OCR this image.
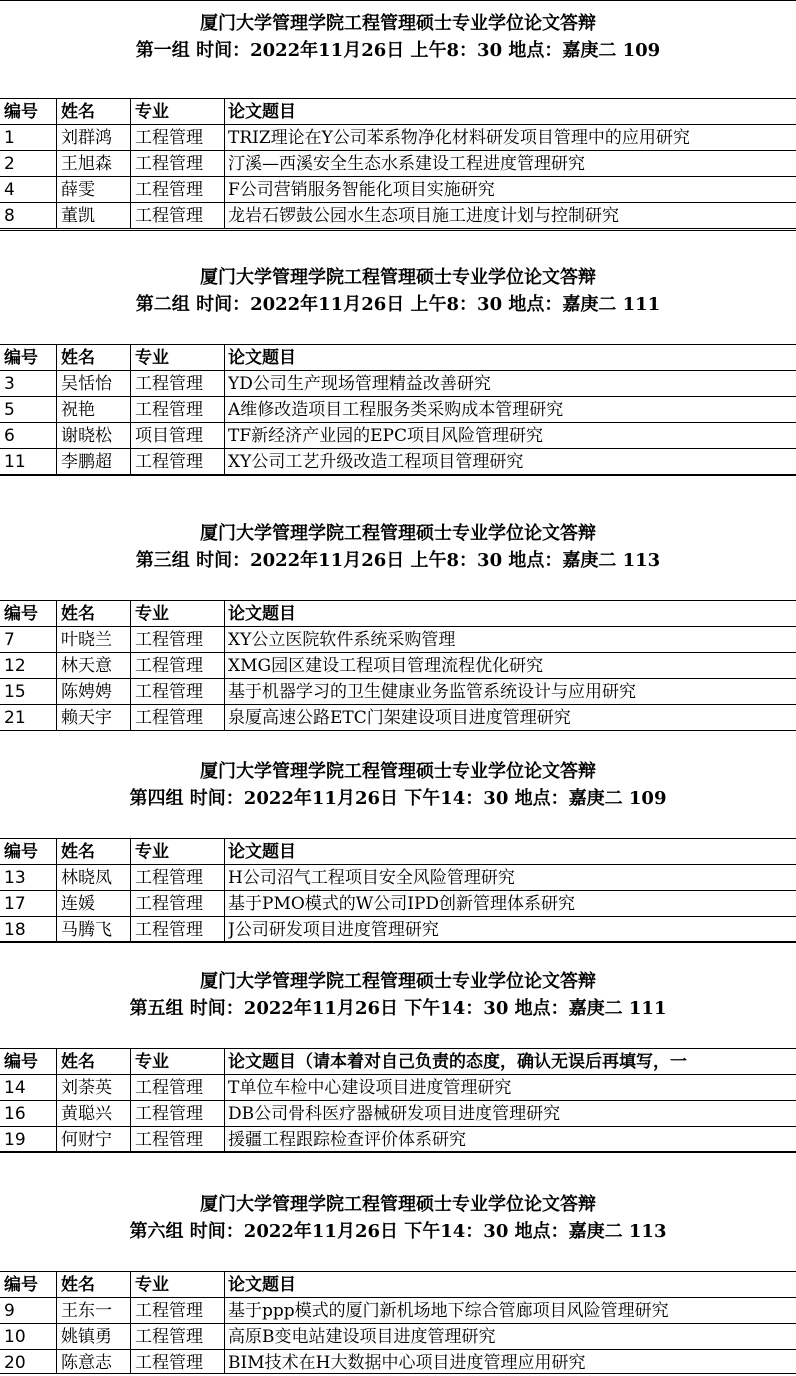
厦门大学管理学院工程管理硕士专业学位论文答辩
第一组 时间：2022年11月26日 上午8：30 地点：嘉庚二 109
编号	姓名	专业	论文题目
1	刘群鸿	工程管理	TRIZ理论在Y公司苯系物净化材料研发项目管理中的应用研究
2	王旭森	工程管理	汀溪—西溪安全生态水系建设工程进度管理研究
4	薛雯	工程管理	F公司营销服务智能化项目实施研究
8	董凯	工程管理	龙岩石锣鼓公园水生态项目施工进度计划与控制研究
厦门大学管理学院工程管理硕士专业学位论文答辩
第二组 时间：2022年11月26日 上午8：30 地点：嘉庚二 111
编号	姓名	专业	论文题目
3	吴恬怡	工程管理	YD公司生产现场管理精益改善研究
5	祝艳	工程管理	A维修改造项目工程服务类采购成本管理研究
6	谢晓松	项目管理	TF新经济产业园的EPC项目风险管理研究
11	李鹏超	工程管理	XY公司工艺升级改造工程项目管理研究
厦门大学管理学院工程管理硕士专业学位论文答辩
第三组 时间：2022年11月26日 上午8：30 地点：嘉庚二 113
编号	姓名	专业	论文题目
7	叶晓兰	工程管理	XY公立医院软件系统采购管理
12	林天意	工程管理	XMG园区建设工程项目管理流程优化研究
15	陈娉娉	工程管理	基于机器学习的卫生健康业务监管系统设计与应用研究
21	赖天宇	工程管理	泉厦高速公路ETC门架建设项目进度管理研究
厦门大学管理学院工程管理硕士专业学位论文答辩
第四组 时间：2022年11月26日 下午14：30 地点：嘉庚二 109
编号	姓名	专业	论文题目
13	林晓凤	工程管理	H公司沼气工程项目安全风险管理研究
17	连媛	工程管理	基于PMO模式的W公司IPD创新管理体系研究
18	马腾飞	工程管理	J公司研发项目进度管理研究
厦门大学管理学院工程管理硕士专业学位论文答辩
第五组 时间：2022年11月26日 下午14：30 地点：嘉庚二 111
编号	姓名	专业	论文题目（请本着对自己负责的态度，确认无误后再填写，一
14	刘荼英	工程管理	T单位车检中心建设项目进度管理研究
16	黄聪兴	工程管理	DB公司骨科医疗器械研发项目进度管理研究
19	何财宁	工程管理	援疆工程跟踪检查评价体系研究
厦门大学管理学院工程管理硕士专业学位论文答辩
第六组 时间：2022年11月26日 下午14：30 地点：嘉庚二 113
编号	姓名	专业	论文题目
9	王东一	工程管理	基于ppp模式的厦门新机场地下综合管廊项目风险管理研究
10	姚镇勇	工程管理	高原B变电站建设项目进度管理研究
20	陈意志	工程管理	BIM技术在H大数据中心项目进度管理应用研究
